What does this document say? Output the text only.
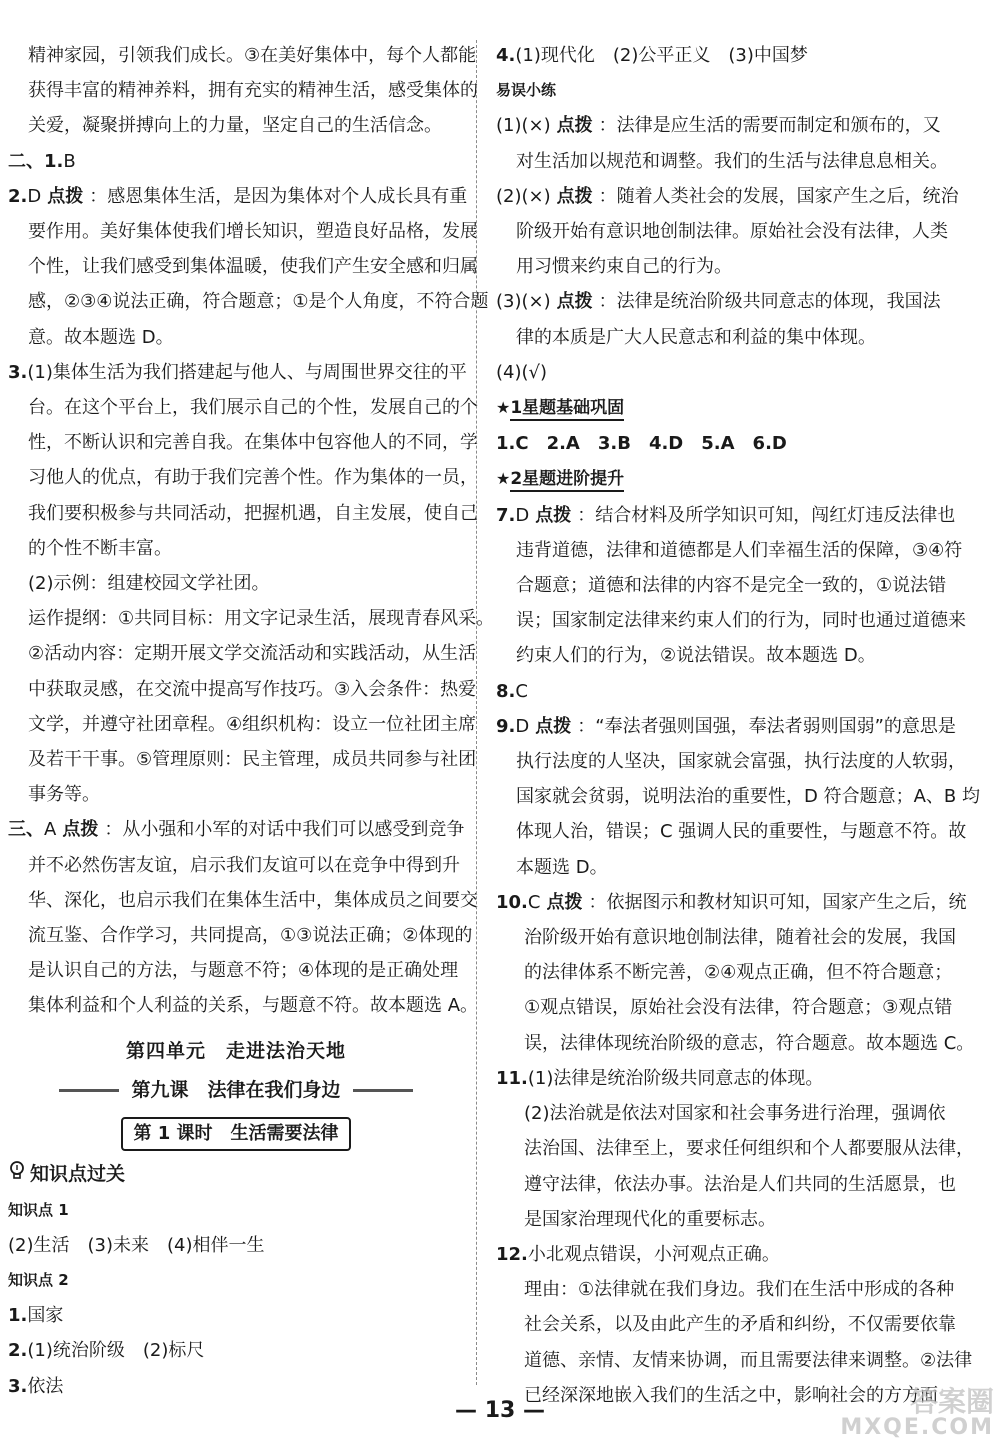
精神家园，引领我们成长。③在美好集体中，每个人都能
获得丰富的精神养料，拥有充实的精神生活，感受集体的
关爱，凝聚拼搏向上的力量，坚定自己的生活信念。
二、1.B
2.D 点拨 ：感恩集体生活，是因为集体对个人成长具有重
要作用。美好集体使我们增长知识，塑造良好品格，发展
个性，让我们感受到集体温暖，使我们产生安全感和归属
感，②③④说法正确，符合题意；①是个人角度，不符合题
意。故本题选 D。
3.(1)集体生活为我们搭建起与他人、与周围世界交往的平
台。在这个平台上，我们展示自己的个性，发展自己的个
性，不断认识和完善自我。在集体中包容他人的不同，学
习他人的优点，有助于我们完善个性。作为集体的一员，
我们要积极参与共同活动，把握机遇，自主发展，使自己
的个性不断丰富。
(2)示例：组建校园文学社团。
运作提纲：①共同目标：用文字记录生活，展现青春风采。
②活动内容：定期开展文学交流活动和实践活动，从生活
中获取灵感，在交流中提高写作技巧。③入会条件：热爱
文学，并遵守社团章程。④组织机构：设立一位社团主席
及若干干事。⑤管理原则：民主管理，成员共同参与社团
事务等。
三、A 点拨 ：从小强和小军的对话中我们可以感受到竞争
并不必然伤害友谊，启示我们友谊可以在竞争中得到升
华、深化，也启示我们在集体生活中，集体成员之间要交
流互鉴、合作学习，共同提高，①③说法正确；②体现的
是认识自己的方法，与题意不符；④体现的是正确处理
集体利益和个人利益的关系，与题意不符。故本题选 A。
第四单元　走进法治天地
第九课　法律在我们身边
第 1 课时　生活需要法律
知识点过关
知识点 1
(2)生活　(3)未来　(4)相伴一生
知识点 2
1.国家
2.(1)统治阶级　(2)标尺
3.依法
4.(1)现代化　(2)公平正义　(3)中国梦
易误小练
(1)(×) 点拨 ：法律是应生活的需要而制定和颁布的，又
对生活加以规范和调整。我们的生活与法律息息相关。
(2)(×) 点拨 ：随着人类社会的发展，国家产生之后，统治
阶级开始有意识地创制法律。原始社会没有法律，人类
用习惯来约束自己的行为。
(3)(×) 点拨 ：法律是统治阶级共同意志的体现，我国法
律的本质是广大人民意志和利益的集中体现。
(4)(√)
★1星题基础巩固
1.C　2.A　3.B　4.D　5.A　6.D
★2星题进阶提升
7.D 点拨 ：结合材料及所学知识可知，闯红灯违反法律也
违背道德，法律和道德都是人们幸福生活的保障，③④符
合题意；道德和法律的内容不是完全一致的，①说法错
误；国家制定法律来约束人们的行为，同时也通过道德来
约束人们的行为，②说法错误。故本题选 D。
8.C
9.D 点拨 ：“奉法者强则国强，奉法者弱则国弱”的意思是
执行法度的人坚决，国家就会富强，执行法度的人软弱，
国家就会贫弱，说明法治的重要性，D 符合题意；A、B 均
体现人治，错误；C 强调人民的重要性，与题意不符。故
本题选 D。
10.C 点拨 ：依据图示和教材知识可知，国家产生之后，统
治阶级开始有意识地创制法律，随着社会的发展，我国
的法律体系不断完善，②④观点正确，但不符合题意；
①观点错误，原始社会没有法律，符合题意；③观点错
误，法律体现统治阶级的意志，符合题意。故本题选 C。
11.(1)法律是统治阶级共同意志的体现。
(2)法治就是依法对国家和社会事务进行治理，强调依
法治国、法律至上，要求任何组织和个人都要服从法律，
遵守法律，依法办事。法治是人们共同的生活愿景，也
是国家治理现代化的重要标志。
12.小北观点错误，小河观点正确。
理由：①法律就在我们身边。我们在生活中形成的各种
社会关系，以及由此产生的矛盾和纠纷，不仅需要依靠
道德、亲情、友情来协调，而且需要法律来调整。②法律
已经深深地嵌入我们的生活之中，影响社会的方方面
— 13 —	答案圈
MXQE.COM
